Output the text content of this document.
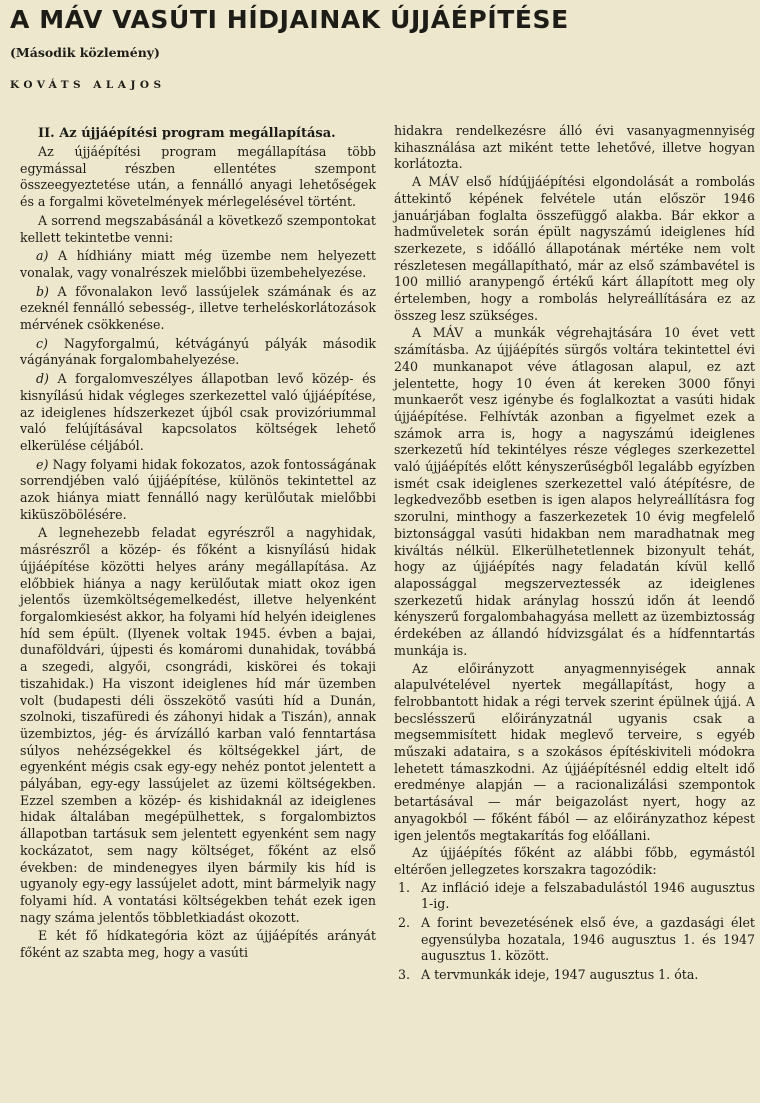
A MÁV VASÚTI HÍDJAINAK ÚJJÁÉPÍTÉSE
(Második közlemény)
KOVÁTS ALAJOS

II. Az újjáépítési program megállapítása.

Az újjáépítési program megállapítása több egymással részben ellentétes szempont összeegyeztetése után, a fennálló anyagi lehetőségek és a forgalmi követelmények mérlegelésével történt.

A sorrend megszabásánál a következő szempontokat kellett tekintetbe venni:

a) A hídhiány miatt még üzembe nem helyezett vonalak, vagy vonalrészek mielőbbi üzembehelyezése.

b) A fővonalakon levő lassújelek számának és az ezeknél fennálló sebesség-, illetve terheléskorlátozások mérvének csökkenése.

c) Nagyforgalmú, kétvágányú pályák második vágányának forgalombahelyezése.

d) A forgalomveszélyes állapotban levő közép- és kisnyílású hidak végleges szerkezettel való újjáépítése, az ideiglenes hídszerkezet újból csak provizóriummal való felújításával kapcsolatos költségek lehető elkerülése céljából.

e) Nagy folyami hidak fokozatos, azok fontosságának sorrendjében való újjáépítése, különös tekintettel az azok hiánya miatt fennálló nagy kerülőutak mielőbbi kiküszöbölésére.

A legnehezebb feladat egyrészről a nagyhidak, másrészről a közép- és főként a kisnyílású hidak újjáépítése közötti helyes arány megállapítása. Az előbbiek hiánya a nagy kerülőutak miatt okoz igen jelentős üzemköltségemelkedést, illetve helyenként forgalomkiesést akkor, ha folyami híd helyén ideiglenes híd sem épült. (Ilyenek voltak 1945. évben a bajai, dunaföldvári, újpesti és komáromi dunahidak, továbbá a szegedi, algyői, csongrádi, kiskörei és tokaji tiszahidak.) Ha viszont ideiglenes híd már üzemben volt (budapesti déli összekötő vasúti híd a Dunán, szolnoki, tiszafüredi és záhonyi hidak a Tiszán), annak üzembiztos, jég- és árvízálló karban való fenntartása súlyos nehézségekkel és költségekkel járt, de egyenként mégis csak egy-egy nehéz pontot jelentett a pályában, egy-egy lassújelet az üzemi költségekben. Ezzel szemben a közép- és kishidaknál az ideiglenes hidak általában megépülhettek, s forgalombiztos állapotban tartásuk sem jelentett egyenként sem nagy kockázatot, sem nagy költséget, főként az első években: de mindenegyes ilyen bármily kis híd is ugyanoly egy-egy lassújelet adott, mint bármelyik nagy folyami híd. A vontatási költségekben tehát ezek igen nagy száma jelentős többletkiadást okozott.

E két fő hídkategória közt az újjáépítés arányát főként az szabta meg, hogy a vasúti

hidakra rendelkezésre álló évi vasanyagmennyiség kihasználása azt miként tette lehetővé, illetve hogyan korlátozta.

A MÁV első hídújjáépítési elgondolását a rombolás áttekintő képének felvétele után először 1946 januárjában foglalta összefüggő alakba. Bár ekkor a hadműveletek során épült nagyszámú ideiglenes híd szerkezete, s időálló állapotának mértéke nem volt részletesen megállapítható, már az első számbavétel is 100 millió aranypengő értékű kárt állapított meg oly értelemben, hogy a rombolás helyreállítására ez az összeg lesz szükséges.

A MÁV a munkák végrehajtására 10 évet vett számításba. Az újjáépítés sürgős voltára tekintettel évi 240 munkanapot véve átlagosan alapul, ez azt jelentette, hogy 10 éven át kereken 3000 főnyi munkaerőt vesz igénybe és foglalkoztat a vasúti hidak újjáépítése. Felhívták azonban a figyelmet ezek a számok arra is, hogy a nagyszámú ideiglenes szerkezetű híd tekintélyes része végleges szerkezettel való újjáépítés előtt kényszerűségből legalább egyízben ismét csak ideiglenes szerkezettel való átépítésre, de legkedvezőbb esetben is igen alapos helyreállításra fog szorulni, minthogy a faszerkezetek 10 évig megfelelő biztonsággal vasúti hidakban nem maradhatnak meg kiváltás nélkül. Elkerülhetetlennek bizonyult tehát, hogy az újjáépítés nagy feladatán kívül kellő alapossággal megszerveztessék az ideiglenes szerkezetű hidak aránylag hosszú időn át leendő kényszerű forgalombahagyása mellett az üzembiztosság érdekében az állandó hídvizsgálat és a hídfenntartás munkája is.

Az előirányzott anyagmennyiségek annak alapulvételével nyertek megállapítást, hogy a felrobbantott hidak a régi tervek szerint épülnek újjá. A becslésszerű előirányzatnál ugyanis csak a megsemmisített hidak meglevő terveire, s egyéb műszaki adataira, s a szokásos építéskiviteli módokra lehetett támaszkodni. Az újjáépítésnél eddig eltelt idő eredménye alapján — a racionalizálási szempontok betartásával — már beigazolást nyert, hogy az anyagokból — főként fából — az előirányzathoz képest igen jelentős megtakarítás fog előállani.

Az újjáépítés főként az alábbi főbb, egymástól eltérően jellegzetes korszakra tagozódik:

1. Az infláció ideje a felszabadulástól 1946 augusztus 1-ig.
2. A forint bevezetésének első éve, a gazdasági élet egyensúlyba hozatala, 1946 augusztus 1. és 1947 augusztus 1. között.
3. A tervmunkák ideje, 1947 augusztus 1. óta.
